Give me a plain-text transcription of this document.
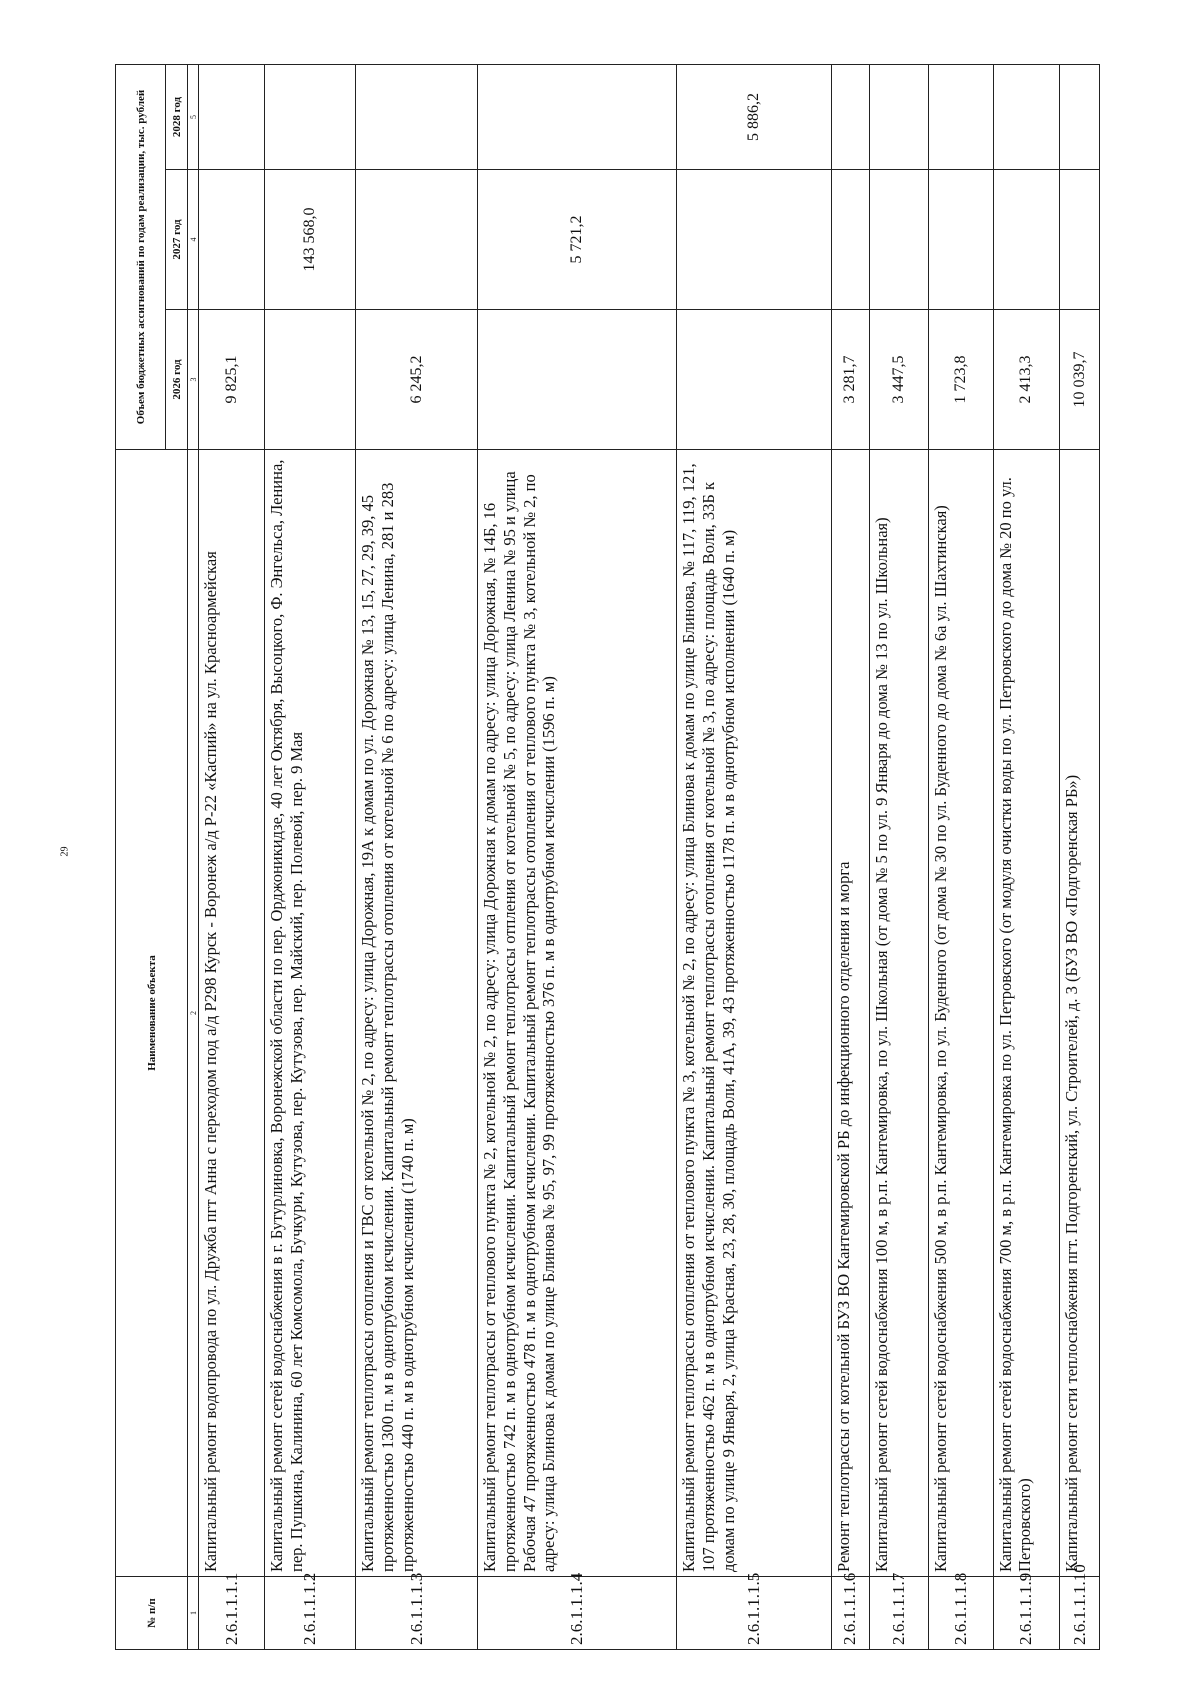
29
№ п/п	Наименование объекта	Объем бюджетных ассигнований по годам реализации, тыс. рублей		
		2026 год	2027 год	2028 год
1	2	3	4	5
2.6.1.1.1.1	Капитальный ремонт водопровода по ул. Дружба пгт Анна с переходом под а/д Р298 Курск - Воронеж а/д Р-22 «Каспий» на ул. Красноармейская	9 825,1		
2.6.1.1.1.2	Капитальный ремонт сетей водоснабжения в г. Бутурлиновка, Воронежской области по пер. Орджоникидзе, 40 лет Октября, Высоцкого, Ф. Энгельса, Ленина, пер. Пушкина, Калинина, 60 лет Комсомола, Бучкури, Кутузова, пер. Кутузова, пер. Майский, пер. Полевой, пер. 9 Мая		143 568,0	
2.6.1.1.1.3	Капитальный ремонт теплотрассы отопления и ГВС от котельной № 2, по адресу: улица Дорожная, 19А к домам по ул. Дорожная № 13, 15, 27, 29, 39, 45 протяженностью 1300 п. м в однотрубном исчислении. Капитальный ремонт теплотрассы отопления от котельной № 6 по адресу: улица Ленина, 281 и 283 протяженностью 440 п. м в однотрубном исчислении (1740 п. м)	6 245,2		
2.6.1.1.1.4	Капитальный ремонт теплотрассы от теплового пункта № 2, котельной № 2, по адресу: улица Дорожная к домам по адресу: улица Дорожная, № 14Б, 16 протяженностью 742 п. м в однотрубном исчислении. Капитальный ремонт теплотрассы отпления от котельной № 5, по адресу: улица Ленина № 95 и улица Рабочая 47 протяженностью 478 п. м в однотрубном исчислении. Капитальный ремонт теплотрассы отопления от теплового пункта № 3, котельной № 2, по адресу: улица Блинова к домам по улице Блинова № 95, 97, 99 протяженностью 376 п. м в однотрубном исчислении (1596 п. м)		5 721,2	
2.6.1.1.1.5	Капитальный ремонт теплотрассы отопления от теплового пункта № 3, котельной № 2, по адресу: улица Блинова к домам по улице Блинова, № 117, 119, 121, 107 протяженностью 462 п. м в однотрубном исчислении. Капитальный ремонт теплотрассы отопления от котельной № 3, по адресу: площадь Воли, 33Б к домам по улице 9 Января, 2, улица Красная, 23, 28, 30, площадь Воли, 41А, 39, 43 протяженностью 1178 п. м в однотрубном исполнении (1640 п. м)			5 886,2
2.6.1.1.1.6	Ремонт теплотрассы от котельной БУЗ ВО Кантемировской РБ до инфекционного отделения и морга	3 281,7		
2.6.1.1.1.7	Капитальный ремонт сетей водоснабжения 100 м, в р.п. Кантемировка, по ул. Школьная (от дома № 5 по ул. 9 Января до дома № 13 по ул. Школьная)	3 447,5		
2.6.1.1.1.8	Капитальный ремонт сетей водоснабжения 500 м, в р.п. Кантемировка, по ул. Буденного (от дома № 30 по ул. Буденного до дома № 6а ул. Шахтинская)	1 723,8		
2.6.1.1.1.9	Капитальный ремонт сетей водоснабжения 700 м, в р.п. Кантемировка по ул. Петровского (от модуля очистки воды по ул. Петровского до дома № 20 по ул. Петровского)	2 413,3		
2.6.1.1.1.10	Капитальный ремонт сети теплоснабжения пгт. Подгоренский, ул. Строителей, д. 3 (БУЗ ВО «Подгоренская РБ»)	10 039,7		
